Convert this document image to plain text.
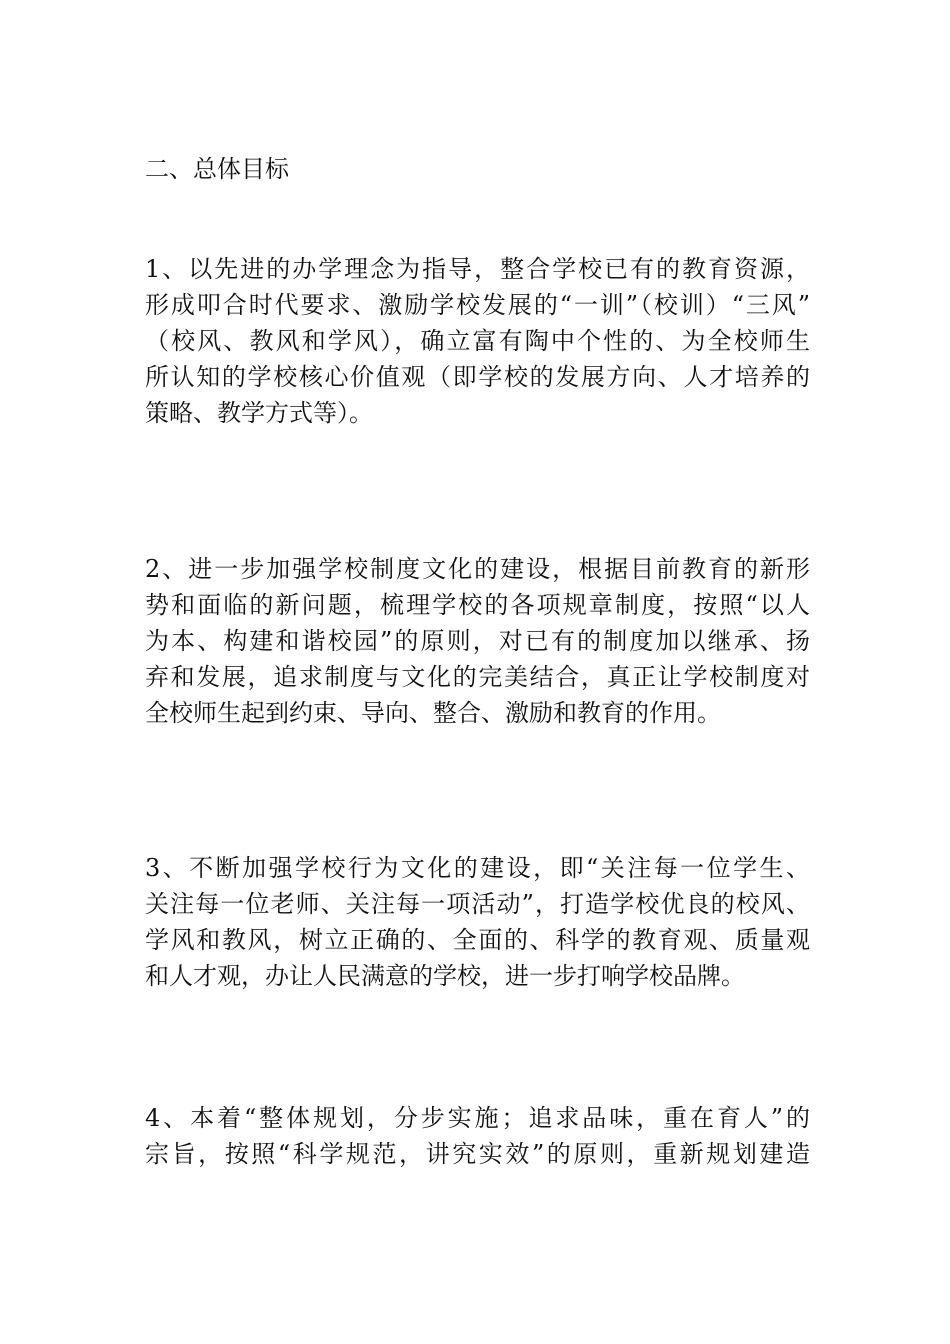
二、总体目标
1、以先进的办学理念为指导，整合学校已有的教育资源，
形成叩合时代要求、激励学校发展的“一训”（校训）“三风”
（校风、教风和学风），确立富有陶中个性的、为全校师生
所认知的学校核心价值观（即学校的发展方向、人才培养的
策略、教学方式等）。
2、进一步加强学校制度文化的建设，根据目前教育的新形
势和面临的新问题，梳理学校的各项规章制度，按照“以人
为本、构建和谐校园”的原则，对已有的制度加以继承、扬
弃和发展，追求制度与文化的完美结合，真正让学校制度对
全校师生起到约束、导向、整合、激励和教育的作用。
3、不断加强学校行为文化的建设，即“关注每一位学生、
关注每一位老师、关注每一项活动”，打造学校优良的校风、
学风和教风，树立正确的、全面的、科学的教育观、质量观
和人才观，办让人民满意的学校，进一步打响学校品牌。
4、本着“整体规划，分步实施；追求品味，重在育人”的
宗旨，按照“科学规范，讲究实效”的原则，重新规划建造
